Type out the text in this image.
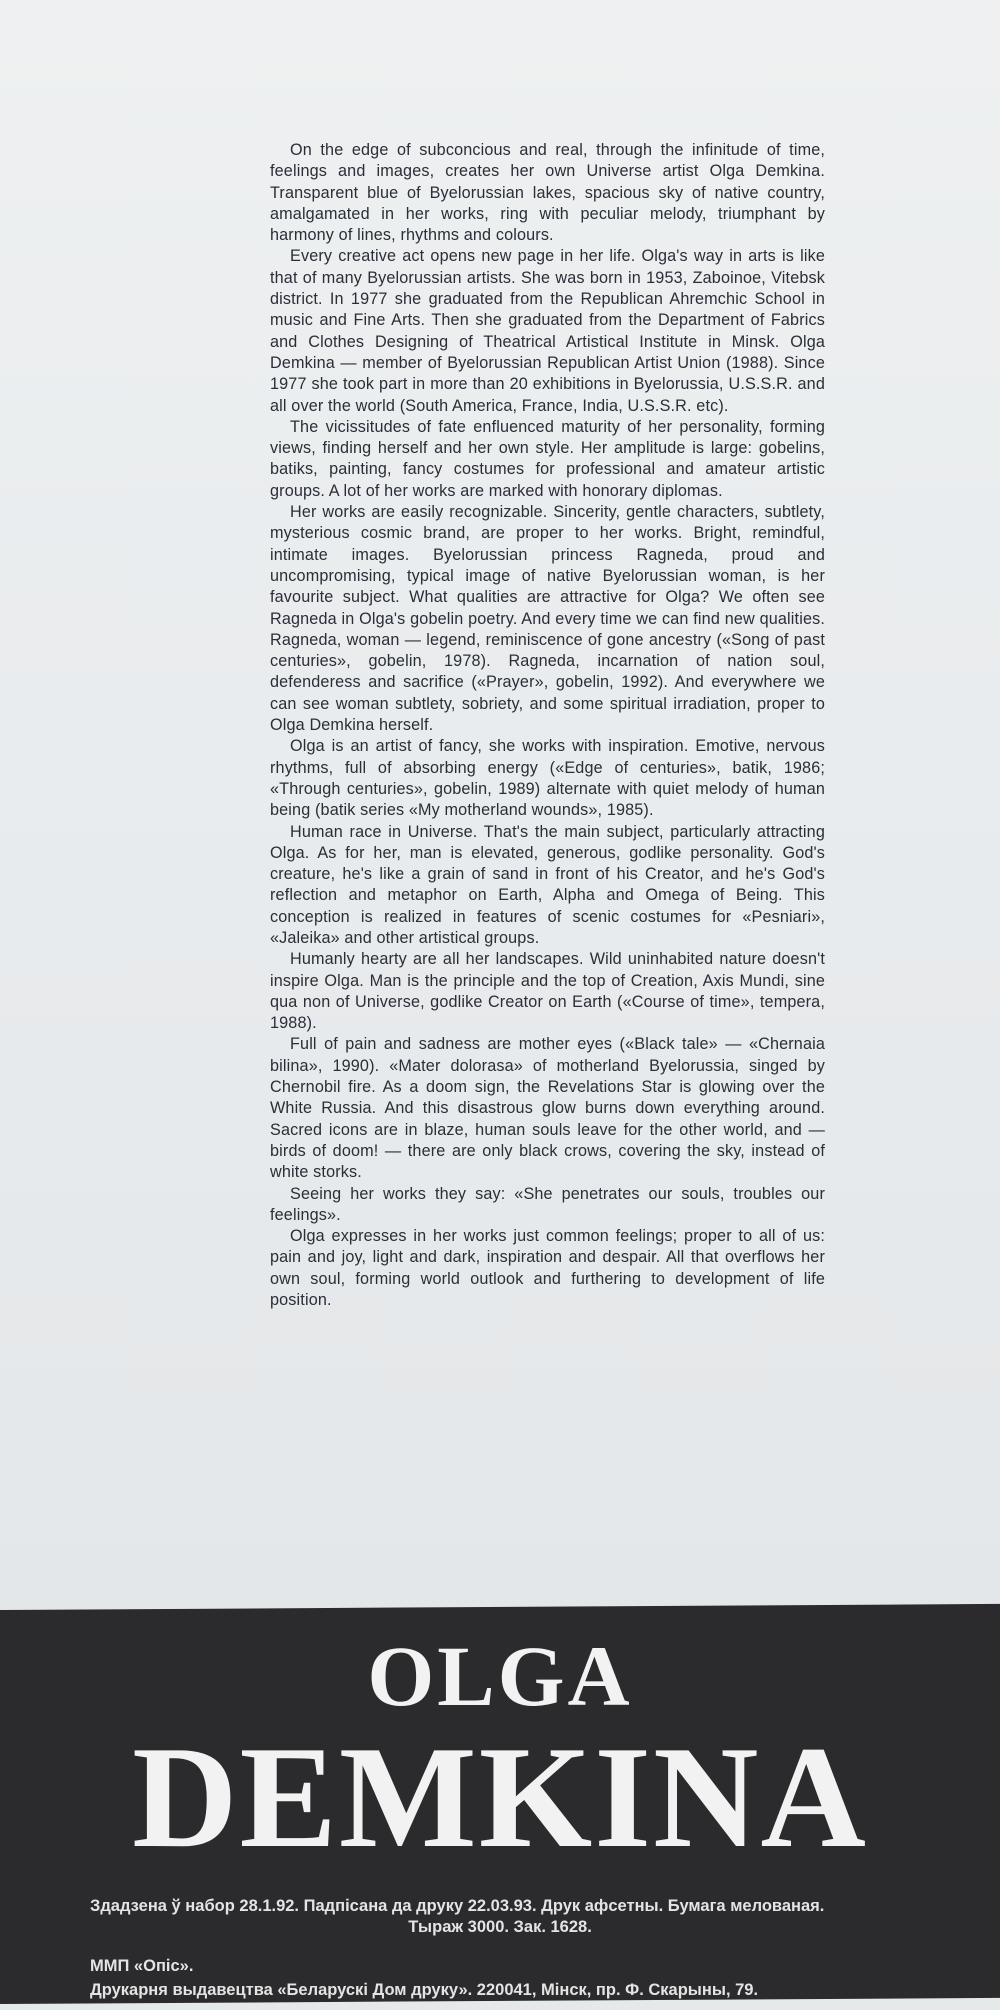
On the edge of subconcious and real, through the infinitude of time, feelings and images, creates her own Universe artist Olga Demkina. Transparent blue of Byelorussian lakes, spacious sky of native country, amalgamated in her works, ring with peculiar melody, triumphant by harmony of lines, rhythms and colours.

Every creative act opens new page in her life. Olga's way in arts is like that of many Byelorussian artists. She was born in 1953, Zaboinoe, Vitebsk district. In 1977 she graduated from the Republican Ahremchic School in music and Fine Arts. Then she graduated from the Department of Fabrics and Clothes Designing of Theatrical Artistical Institute in Minsk. Olga Demkina — member of Byelorussian Republican Artist Union (1988). Since 1977 she took part in more than 20 exhibitions in Byelorussia, U.S.S.R. and all over the world (South America, France, India, U.S.S.R. etc).

The vicissitudes of fate enfluenced maturity of her personality, forming views, finding herself and her own style. Her amplitude is large: gobelins, batiks, painting, fancy costumes for professional and amateur artistic groups. A lot of her works are marked with honorary diplomas.

Her works are easily recognizable. Sincerity, gentle characters, subtlety, mysterious cosmic brand, are proper to her works. Bright, remindful, intimate images. Byelorussian princess Ragneda, proud and uncompromising, typical image of native Byelorussian woman, is her favourite subject. What qualities are attractive for Olga? We often see Ragneda in Olga's gobelin poetry. And every time we can find new qualities. Ragneda, woman — legend, reminiscence of gone ancestry («Song of past centuries», gobelin, 1978). Ragneda, incarnation of nation soul, defenderess and sacrifice («Prayer», gobelin, 1992). And everywhere we can see woman subtlety, sobriety, and some spiritual irradiation, proper to Olga Demkina herself.

Olga is an artist of fancy, she works with inspiration. Emotive, nervous rhythms, full of absorbing energy («Edge of centuries», batik, 1986; «Through centuries», gobelin, 1989) alternate with quiet melody of human being (batik series «My motherland wounds», 1985).

Human race in Universe. That's the main subject, particularly attracting Olga. As for her, man is elevated, generous, godlike personality. God's creature, he's like a grain of sand in front of his Creator, and he's God's reflection and metaphor on Earth, Alpha and Omega of Being. This conception is realized in features of scenic costumes for «Pesniari», «Jaleika» and other artistical groups.

Humanly hearty are all her landscapes. Wild uninhabited nature doesn't inspire Olga. Man is the principle and the top of Creation, Axis Mundi, sine qua non of Universe, godlike Creator on Earth («Course of time», tempera, 1988).

Full of pain and sadness are mother eyes («Black tale» — «Chernaia bilina», 1990). «Mater dolorasa» of motherland Byelorussia, singed by Chernobil fire. As a doom sign, the Revelations Star is glowing over the White Russia. And this disastrous glow burns down everything around. Sacred icons are in blaze, human souls leave for the other world, and — birds of doom! — there are only black crows, covering the sky, instead of white storks.

Seeing her works they say: «She penetrates our souls, troubles our feelings».

Olga expresses in her works just common feelings; proper to all of us: pain and joy, light and dark, inspiration and despair. All that overflows her own soul, forming world outlook and furthering to development of life position.

OLGA
DEMKINA
Здадзена ў набор 28.1.92. Падпісана да друку 22.03.93. Друк афсетны. Бумага мелованая.
Тыраж 3000. Зак. 1628.
ММП «Опіс».
Друкарня выдавецтва «Беларускі Дом друку». 220041, Мінск, пр. Ф. Скарыны, 79.
